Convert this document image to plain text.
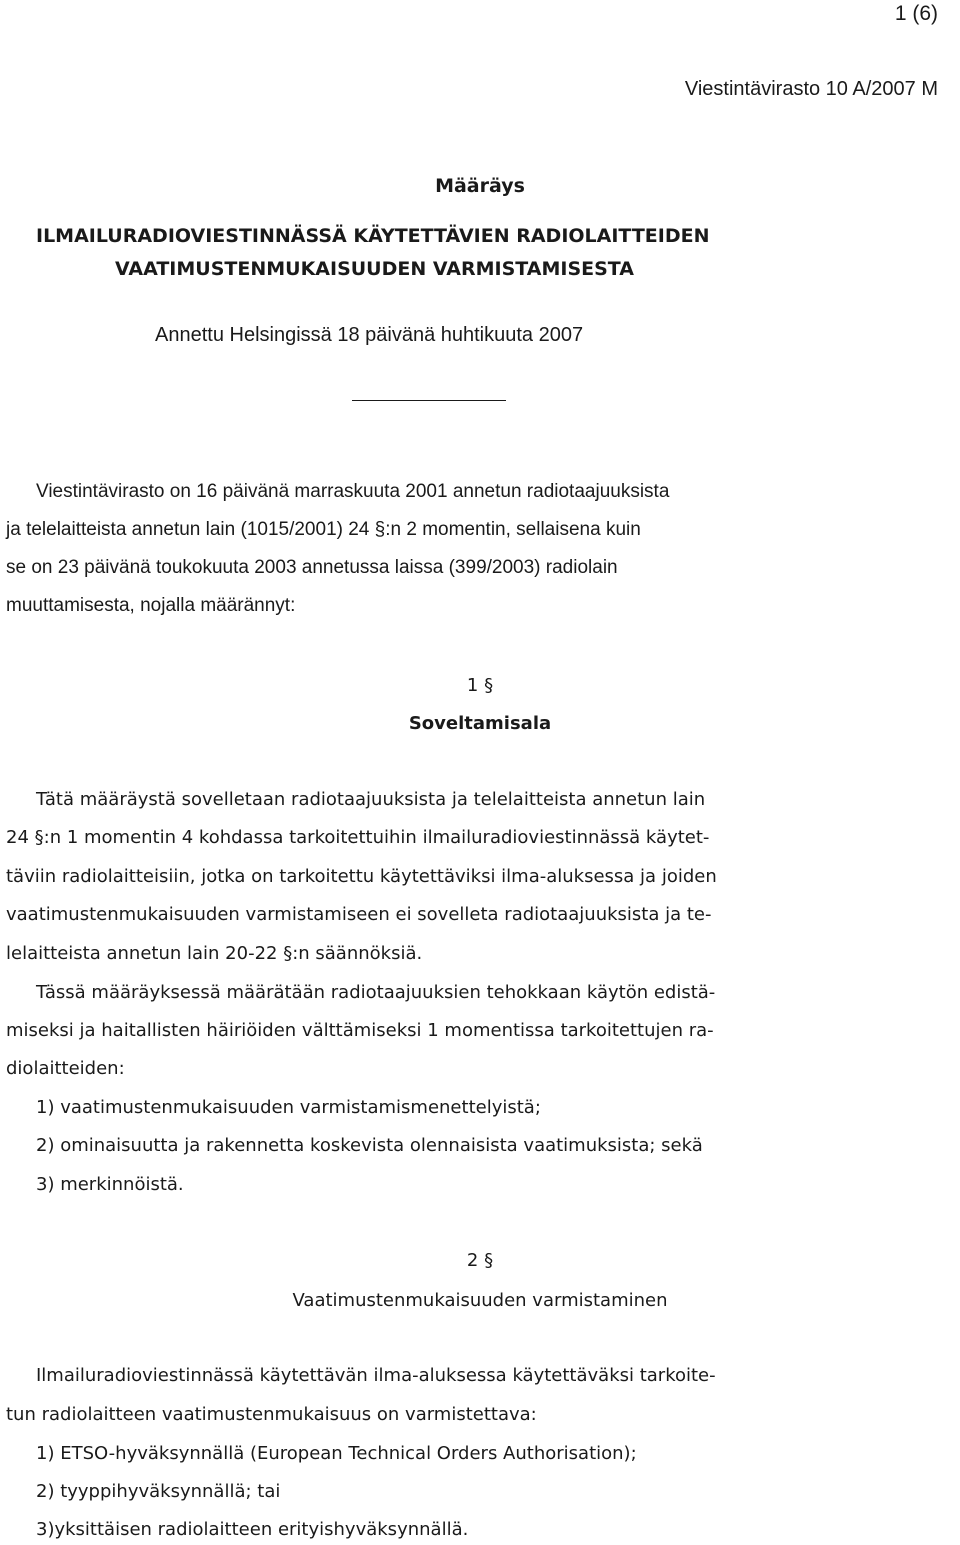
1 (6)
Viestintävirasto 10 A/2007 M
Määräys
ILMAILURADIOVIESTINNÄSSÄ KÄYTETTÄVIEN RADIOLAITTEIDEN
VAATIMUSTENMUKAISUUDEN VARMISTAMISESTA
Annettu Helsingissä 18 päivänä huhtikuuta 2007
Viestintävirasto on 16 päivänä marraskuuta 2001 annetun radiotaajuuksista
ja telelaitteista annetun lain (1015/2001) 24 §:n 2 momentin, sellaisena kuin
se on 23 päivänä toukokuuta 2003 annetussa laissa (399/2003) radiolain
muuttamisesta, nojalla määrännyt:
1 §
Soveltamisala
Tätä määräystä sovelletaan radiotaajuuksista ja telelaitteista annetun lain
24 §:n 1 momentin 4 kohdassa tarkoitettuihin ilmailuradioviestinnässä käytet-
täviin radiolaitteisiin, jotka on tarkoitettu käytettäviksi ilma-aluksessa ja joiden
vaatimustenmukaisuuden varmistamiseen ei sovelleta radiotaajuuksista ja te-
lelaitteista annetun lain 20-22 §:n säännöksiä.
Tässä määräyksessä määrätään radiotaajuuksien tehokkaan käytön edistä-
miseksi ja haitallisten häiriöiden välttämiseksi 1 momentissa tarkoitettujen ra-
diolaitteiden:
1) vaatimustenmukaisuuden varmistamismenettelyistä;
2) ominaisuutta ja rakennetta koskevista olennaisista vaatimuksista; sekä
3) merkinnöistä.
2 §
Vaatimustenmukaisuuden varmistaminen
Ilmailuradioviestinnässä käytettävän ilma-aluksessa käytettäväksi tarkoite-
tun radiolaitteen vaatimustenmukaisuus on varmistettava:
1) ETSO-hyväksynnällä (European Technical Orders Authorisation);
2) tyyppihyväksynnällä; tai
3)yksittäisen radiolaitteen erityishyväksynnällä.
